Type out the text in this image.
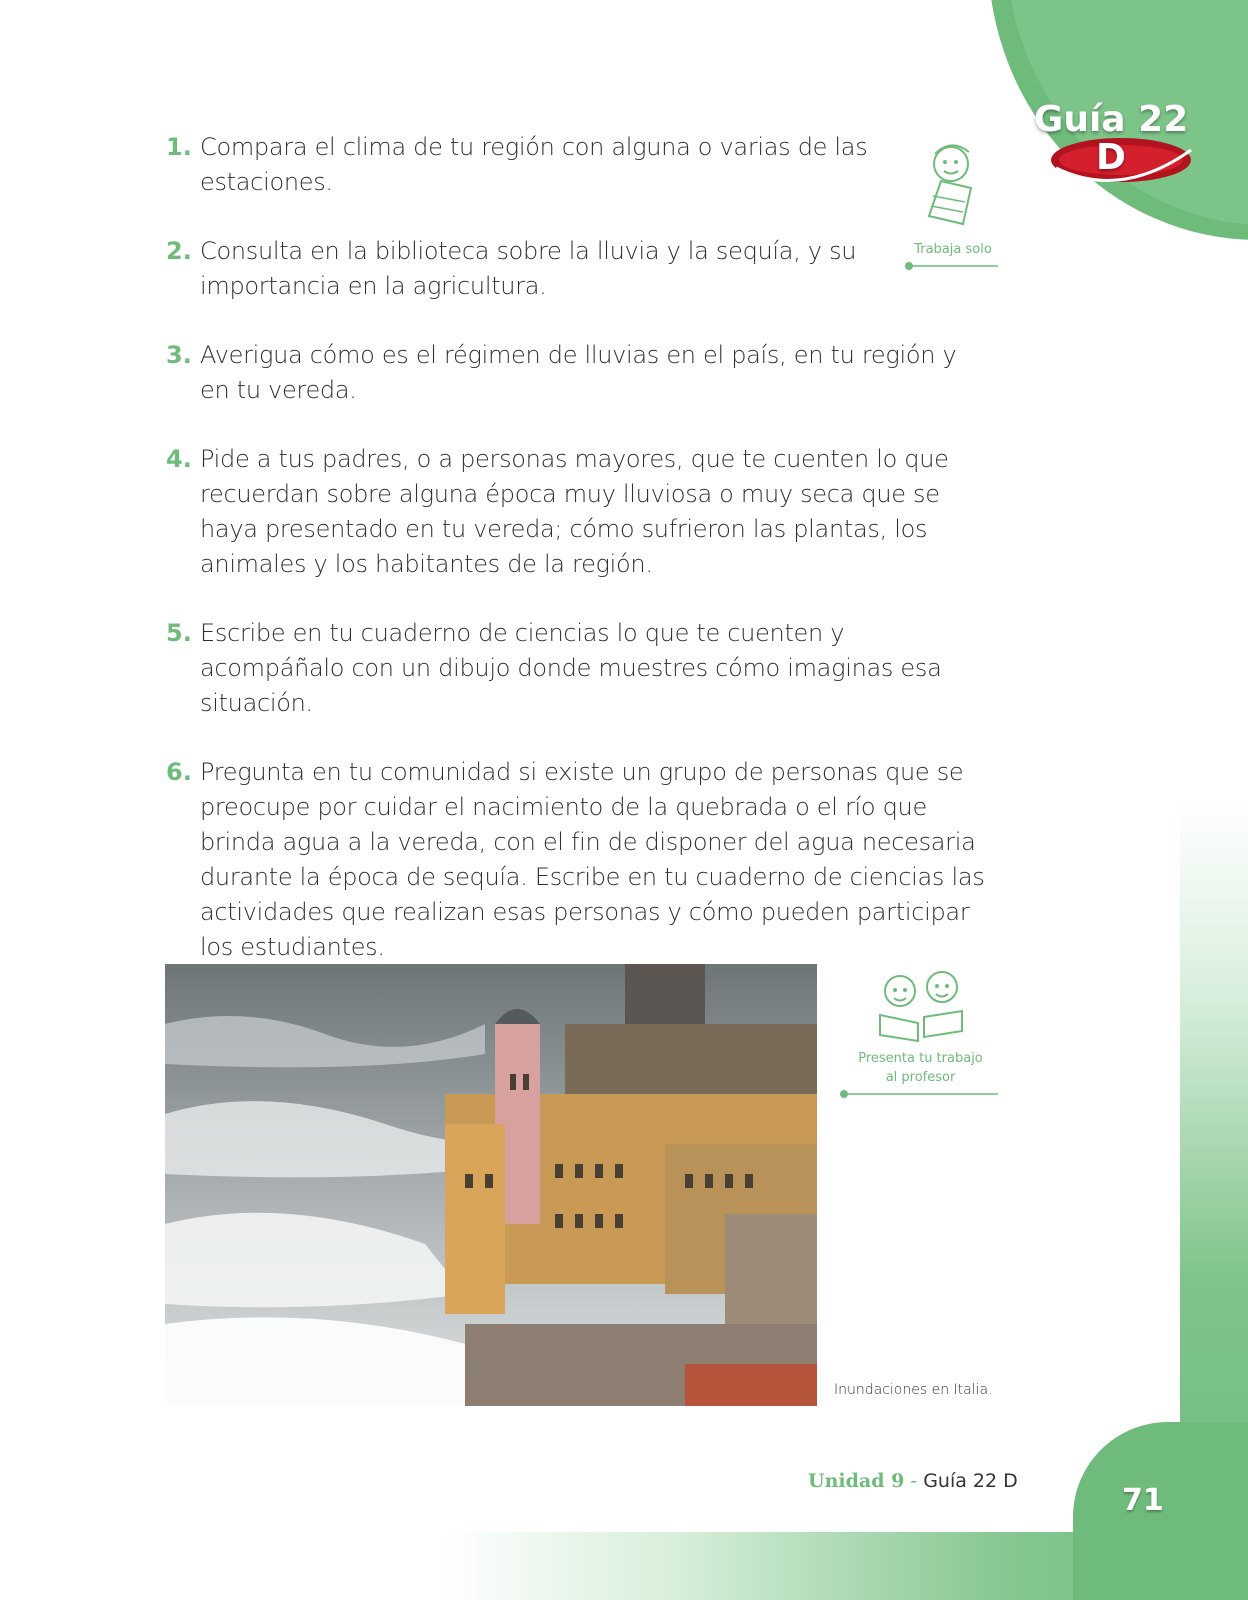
Guía 22
D
Trabaja solo
1. Compara el clima de tu región con alguna o varias de las estaciones.
2. Consulta en la biblioteca sobre la lluvia y la sequía, y su importancia en la agricultura.
3. Averigua cómo es el régimen de lluvias en el país, en tu región y en tu vereda.
4. Pide a tus padres, o a personas mayores, que te cuenten lo que recuerdan sobre alguna época muy lluviosa o muy seca que se haya presentado en tu vereda; cómo sufrieron las plantas, los animales y los habitantes de la región.
5. Escribe en tu cuaderno de ciencias lo que te cuenten y acompáñalo con un dibujo donde muestres cómo imaginas esa situación.
6. Pregunta en tu comunidad si existe un grupo de personas que se preocupe por cuidar el nacimiento de la quebrada o el río que brinda agua a la vereda, con el fin de disponer del agua necesaria durante la época de sequía. Escribe en tu cuaderno de ciencias las actividades que realizan esas personas y cómo pueden participar los estudiantes.
Presenta tu trabajo
al profesor
Inundaciones en Italia.
Unidad 9 - Guía 22 D
71
